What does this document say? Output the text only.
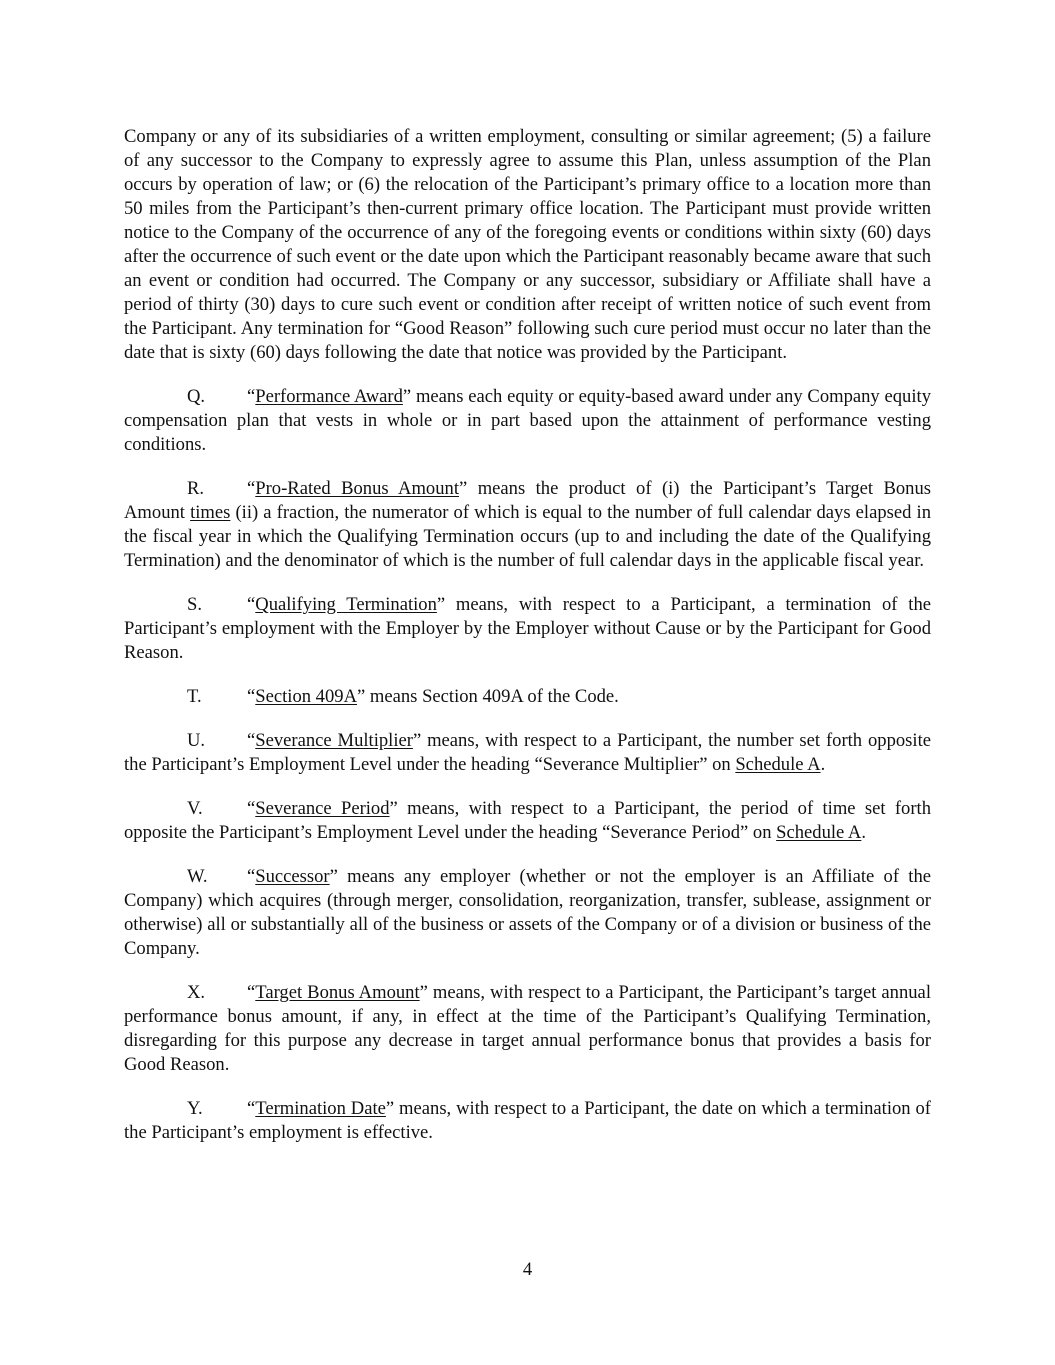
Company or any of its subsidiaries of a written employment, consulting or similar agreement; (5) a failure of any successor to the Company to expressly agree to assume this Plan, unless assumption of the Plan occurs by operation of law; or (6) the relocation of the Participant’s primary office to a location more than 50 miles from the Participant’s then-current primary office location. The Participant must provide written notice to the Company of the occurrence of any of the foregoing events or conditions within sixty (60) days after the occurrence of such event or the date upon which the Participant reasonably became aware that such an event or condition had occurred. The Company or any successor, subsidiary or Affiliate shall have a period of thirty (30) days to cure such event or condition after receipt of written notice of such event from the Participant. Any termination for “Good Reason” following such cure period must occur no later than the date that is sixty (60) days following the date that notice was provided by the Participant.

Q. “Performance Award” means each equity or equity-based award under any Company equity compensation plan that vests in whole or in part based upon the attainment of performance vesting conditions.

R. “Pro-Rated Bonus Amount” means the product of (i) the Participant’s Target Bonus Amount times (ii) a fraction, the numerator of which is equal to the number of full calendar days elapsed in the fiscal year in which the Qualifying Termination occurs (up to and including the date of the Qualifying Termination) and the denominator of which is the number of full calendar days in the applicable fiscal year.

S. “Qualifying Termination” means, with respect to a Participant, a termination of the Participant’s employment with the Employer by the Employer without Cause or by the Participant for Good Reason.

T. “Section 409A” means Section 409A of the Code.

U. “Severance Multiplier” means, with respect to a Participant, the number set forth opposite the Participant’s Employment Level under the heading “Severance Multiplier” on Schedule A.

V. “Severance Period” means, with respect to a Participant, the period of time set forth opposite the Participant’s Employment Level under the heading “Severance Period” on Schedule A.

W. “Successor” means any employer (whether or not the employer is an Affiliate of the Company) which acquires (through merger, consolidation, reorganization, transfer, sublease, assignment or otherwise) all or substantially all of the business or assets of the Company or of a division or business of the Company.

X. “Target Bonus Amount” means, with respect to a Participant, the Participant’s target annual performance bonus amount, if any, in effect at the time of the Participant’s Qualifying Termination, disregarding for this purpose any decrease in target annual performance bonus that provides a basis for Good Reason.

Y. “Termination Date” means, with respect to a Participant, the date on which a termination of the Participant’s employment is effective.

4
